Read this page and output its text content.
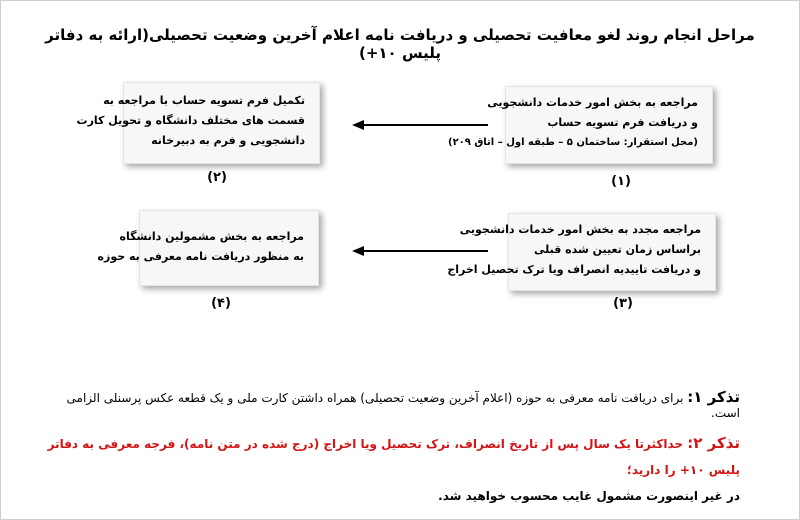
مراحل انجام روند لغو معافیت تحصیلی و دریافت نامه اعلام آخرین وضعیت تحصیلی(ارائه به دفاتر پلیس ۱۰+)
مراجعه به بخش امور خدمات دانشجویی
و دریافت فرم تسویه حساب
(محل استقرار: ساختمان ۵ – طبقه اول – اتاق ۲۰۹)
(۱)
تکمیل فرم تسویه حساب با مراجعه به
قسمت های مختلف دانشگاه و تحویل کارت
دانشجویی و فرم به دبیرخانه
(۲)
مراجعه مجدد به بخش امور خدمات دانشجویی
براساس زمان تعیین شده قبلی
و دریافت تاییدیه انصراف ویا ترک تحصیل اخراج
(۳)
مراجعه به بخش مشمولین دانشگاه
به منظور دریافت نامه معرفی به حوزه
(۴)
تذکر ۱: برای دریافت نامه معرفی به حوزه (اعلام آخرین وضعیت تحصیلی) همراه داشتن کارت ملی و یک قطعه عکس پرسنلی الزامی است.
تذکر ۲: حداکثرتا یک سال پس از تاریخ انصراف، ترک تحصیل ویا اخراج (درج شده در متن نامه)، فرجه معرفی به دفاتر پلیس ۱۰+ را دارید؛
در غیر اینصورت مشمول غایب محسوب خواهید شد.
